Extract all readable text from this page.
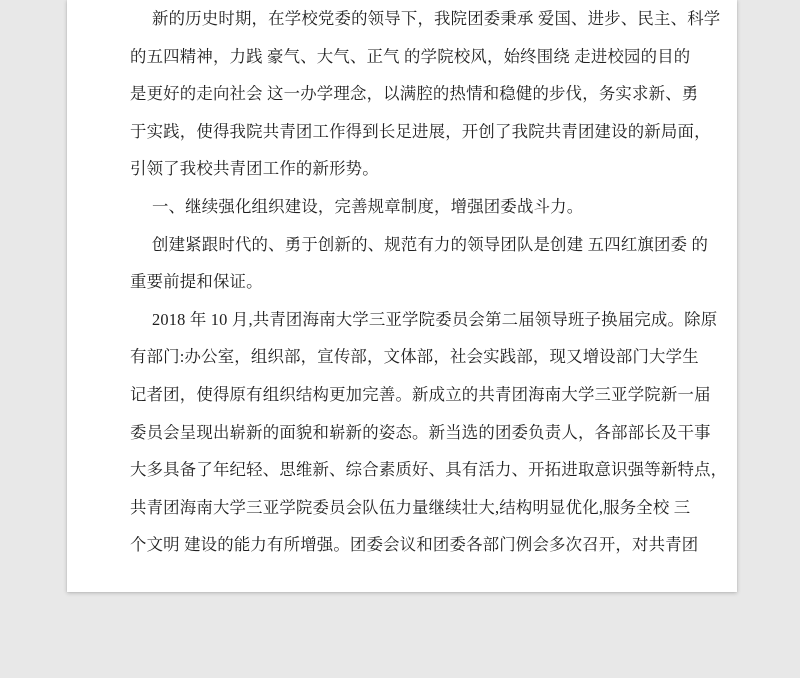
新的历史时期，在学校党委的领导下，我院团委秉承 爱国、进步、民主、科学
的五四精神，力践 豪气、大气、正气 的学院校风，始终围绕 走进校园的目的
是更好的走向社会 这一办学理念，以满腔的热情和稳健的步伐，务实求新、勇
于实践，使得我院共青团工作得到长足进展，开创了我院共青团建设的新局面，
引领了我校共青团工作的新形势。
一、继续强化组织建设，完善规章制度，增强团委战斗力。
创建紧跟时代的、勇于创新的、规范有力的领导团队是创建 五四红旗团委 的
重要前提和保证。
2018 年 10 月,共青团海南大学三亚学院委员会第二届领导班子换届完成。除原
有部门:办公室，组织部，宣传部，文体部，社会实践部，现又增设部门大学生
记者团，使得原有组织结构更加完善。新成立的共青团海南大学三亚学院新一届
委员会呈现出崭新的面貌和崭新的姿态。新当选的团委负责人，各部部长及干事
大多具备了年纪轻、思维新、综合素质好、具有活力、开拓进取意识强等新特点，
共青团海南大学三亚学院委员会队伍力量继续壮大,结构明显优化,服务全校 三
个文明 建设的能力有所增强。团委会议和团委各部门例会多次召开，对共青团
